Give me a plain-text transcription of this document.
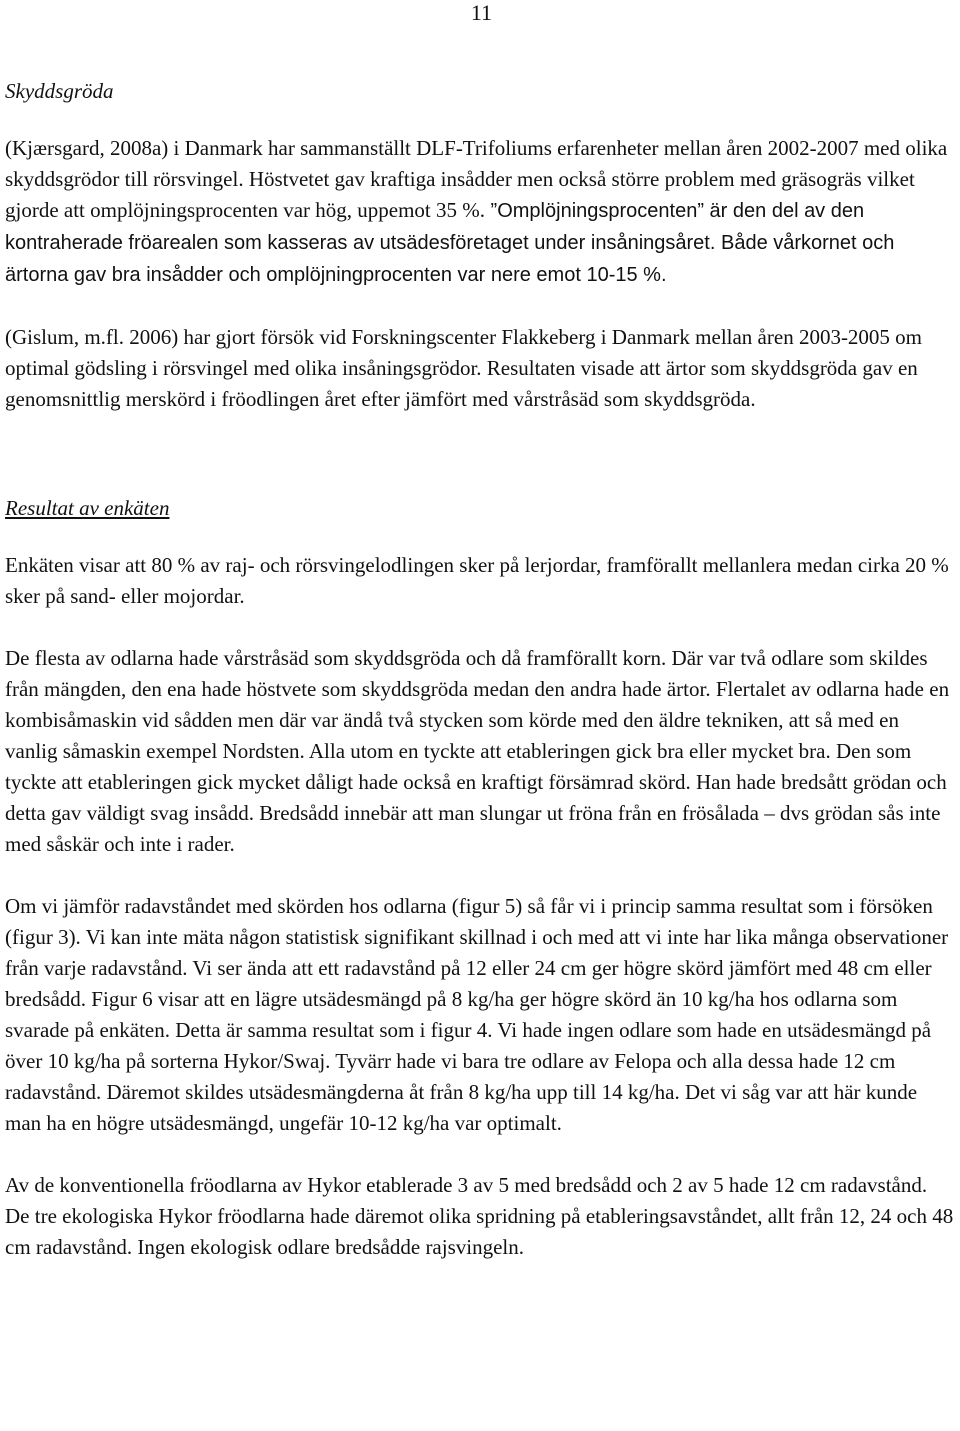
11
Skyddsgröda

(Kjærsgard, 2008a) i Danmark har sammanställt DLF-Trifoliums erfarenheter mellan åren 2002-2007 med olika skyddsgrödor till rörsvingel. Höstvetet gav kraftiga insådder men också större problem med gräsogräs vilket gjorde att omplöjningsprocenten var hög, uppemot 35 %. ”Omplöjningsprocenten” är den del av den kontraherade fröarealen som kasseras av utsädesföretaget under insåningsåret. Både vårkornet och ärtorna gav bra insådder och omplöjningprocenten var nere emot 10-15 %.

(Gislum, m.fl. 2006) har gjort försök vid Forskningscenter Flakkeberg i Danmark mellan åren 2003-2005 om optimal gödsling i rörsvingel med olika insåningsgrödor. Resultaten visade att ärtor som skyddsgröda gav en genomsnittlig merskörd i fröodlingen året efter jämfört med vårstråsäd som skyddsgröda.

Resultat av enkäten

Enkäten visar att 80 % av raj- och rörsvingelodlingen sker på lerjordar, framförallt mellanlera medan cirka 20 % sker på sand- eller mojordar.

De flesta av odlarna hade vårstråsäd som skyddsgröda och då framförallt korn. Där var två odlare som skildes från mängden, den ena hade höstvete som skyddsgröda medan den andra hade ärtor. Flertalet av odlarna hade en kombisåmaskin vid sådden men där var ändå två stycken som körde med den äldre tekniken, att så med en vanlig såmaskin exempel Nordsten. Alla utom en tyckte att etableringen gick bra eller mycket bra. Den som tyckte att etableringen gick mycket dåligt hade också en kraftigt försämrad skörd. Han hade bredsått grödan och detta gav väldigt svag insådd. Bredsådd innebär att man slungar ut fröna från en frösålada – dvs grödan sås inte med såskär och inte i rader.

Om vi jämför radavståndet med skörden hos odlarna (figur 5) så får vi i princip samma resultat som i försöken (figur 3). Vi kan inte mäta någon statistisk signifikant skillnad i och med att vi inte har lika många observationer från varje radavstånd. Vi ser ända att ett radavstånd på 12 eller 24 cm ger högre skörd jämfört med 48 cm eller bredsådd. Figur 6 visar att en lägre utsädesmängd på 8 kg/ha ger högre skörd än 10 kg/ha hos odlarna som svarade på enkäten. Detta är samma resultat som i figur 4. Vi hade ingen odlare som hade en utsädesmängd på över 10 kg/ha på sorterna Hykor/Swaj. Tyvärr hade vi bara tre odlare av Felopa och alla dessa hade 12 cm radavstånd. Däremot skildes utsädesmängderna åt från 8 kg/ha upp till 14 kg/ha. Det vi såg var att här kunde man ha en högre utsädesmängd, ungefär 10-12 kg/ha var optimalt.

Av de konventionella fröodlarna av Hykor etablerade 3 av 5 med bredsådd och 2 av 5 hade 12 cm radavstånd. De tre ekologiska Hykor fröodlarna hade däremot olika spridning på etableringsavståndet, allt från 12, 24 och 48 cm radavstånd. Ingen ekologisk odlare bredsådde rajsvingeln.
